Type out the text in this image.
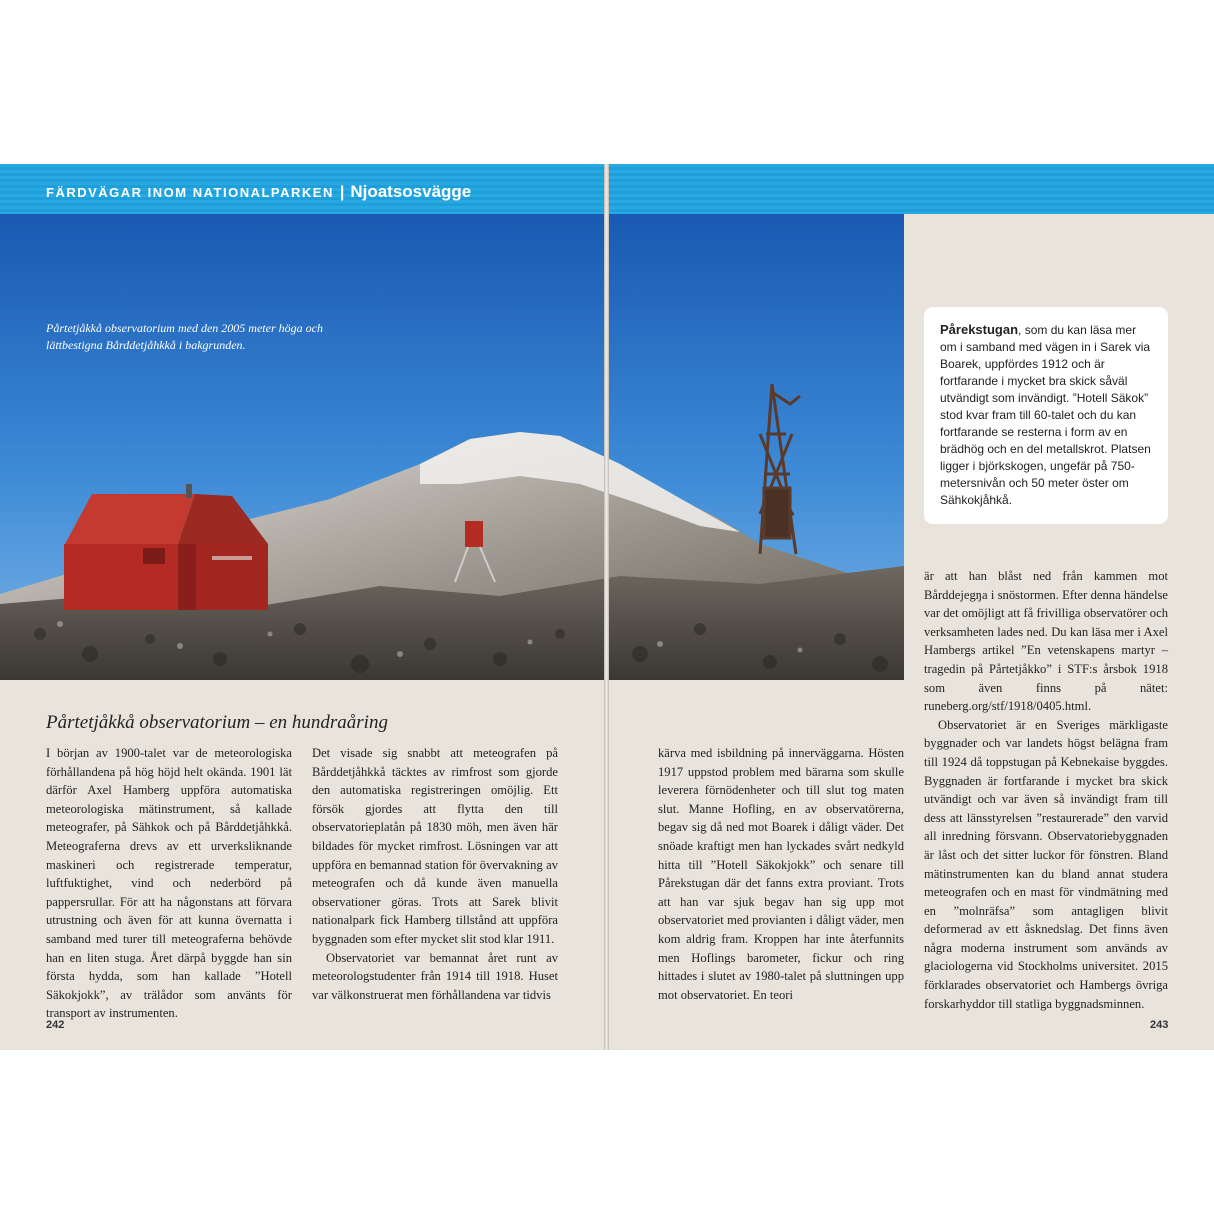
FÄRDVÄGAR INOM NATIONALPARKEN | Njoatsosvägge
Pårtetjåkkå observatorium med den 2005 meter höga och lättbestigna Bårddetjåhkkå i bakgrunden.
Pårekstugan, som du kan läsa mer om i samband med vägen in i Sarek via Boarek, uppfördes 1912 och är fortfarande i mycket bra skick såväl utvändigt som invändigt. ”Hotell Säkok” stod kvar fram till 60-talet och du kan fortfarande se resterna i form av en brädhög och en del metallskrot. Platsen ligger i björkskogen, ungefär på 750-metersnivån och 50 meter öster om Sähkokjåhkå.
Pårtetjåkkå observatorium – en hundraåring

I början av 1900-talet var de meteorologiska förhållandena på hög höjd helt okända. 1901 lät därför Axel Hamberg uppföra automatiska meteorologiska mätinstrument, så kallade meteografer, på Sähkok och på Bårddetjåhkkå. Meteograferna drevs av ett urverksliknande maskineri och registrerade temperatur, luftfuktighet, vind och nederbörd på pappersrullar. För att ha någonstans att förvara utrustning och även för att kunna övernatta i samband med turer till meteograferna behövde han en liten stuga. Året därpå byggde han sin första hydda, som han kallade ”Hotell Säkokjokk”, av trälådor som använts för transport av instrumenten.

Det visade sig snabbt att meteografen på Bårddetjåhkkå täcktes av rimfrost som gjorde den automatiska registreringen omöjlig. Ett försök gjordes att flytta den till observatorieplatån på 1830 möh, men även här bildades för mycket rimfrost. Lösningen var att uppföra en bemannad station för övervakning av meteografen och då kunde även manuella observationer göras. Trots att Sarek blivit nationalpark fick Hamberg tillstånd att uppföra byggnaden som efter mycket slit stod klar 1911.

Observatoriet var bemannat året runt av meteorologstudenter från 1914 till 1918. Huset var välkonstruerat men förhållandena var tidvis

kärva med isbildning på innerväggarna. Hösten 1917 uppstod problem med bärarna som skulle leverera förnödenheter och till slut tog maten slut. Manne Hofling, en av observatörerna, begav sig då ned mot Boarek i dåligt väder. Det snöade kraftigt men han lyckades svårt nedkyld hitta till ”Hotell Säkokjokk” och senare till Pårekstugan där det fanns extra proviant. Trots att han var sjuk begav han sig upp mot observatoriet med provianten i dåligt väder, men kom aldrig fram. Kroppen har inte återfunnits men Hoflings barometer, fickur och ring hittades i slutet av 1980-talet på sluttningen upp mot observatoriet. En teori

är att han blåst ned från kammen mot Bårddejegŋa i snöstormen. Efter denna händelse var det omöjligt att få frivilliga observatörer och verksamheten lades ned. Du kan läsa mer i Axel Hambergs artikel ”En vetenskapens martyr – tragedin på Pårtetjåkko” i STF:s årsbok 1918 som även finns på nätet: runeberg.org/stf/1918/0405.html.

Observatoriet är en Sveriges märkligaste byggnader och var landets högst belägna fram till 1924 då toppstugan på Kebnekaise byggdes. Byggnaden är fortfarande i mycket bra skick utvändigt och var även så invändigt fram till dess att länsstyrelsen ”restaurerade” den varvid all inredning försvann. Observatoriebyggnaden är låst och det sitter luckor för fönstren. Bland mätinstrumenten kan du bland annat studera meteografen och en mast för vindmätning med en ”molnräfsa” som antagligen blivit deformerad av ett åsknedslag. Det finns även några moderna instrument som används av glaciologerna vid Stockholms universitet. 2015 förklarades observatoriet och Hambergs övriga forskarhyddor till statliga byggnadsminnen.

242	243
